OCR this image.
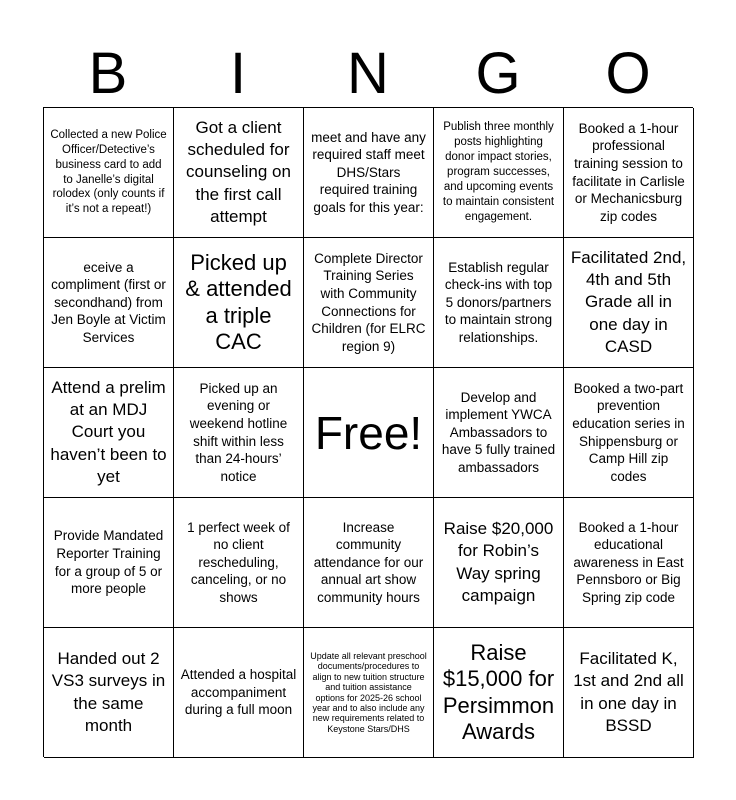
B	I	N	G	O
Collected a new Police Officer/Detective’s business card to add to Janelle’s digital rolodex (only counts if it’s not a repeat!)
Got a client scheduled for counseling on the first call attempt
meet and have any required staff meet DHS/Stars required training goals for this year:
Publish three monthly posts highlighting donor impact stories, program successes, and upcoming events to maintain consistent engagement.
Booked a 1-hour professional training session to facilitate in Carlisle or Mechanicsburg zip codes
eceive a compliment (first or secondhand) from Jen Boyle at Victim Services
Picked up & attended a triple CAC
Complete Director Training Series with Community Connections for Children (for ELRC region 9)
Establish regular check-ins with top 5 donors/partners to maintain strong relationships.
Facilitated 2nd, 4th and 5th Grade all in one day in CASD
Attend a prelim at an MDJ Court you haven’t been to yet
Picked up an evening or weekend hotline shift within less than 24-hours’ notice
Free!
Develop and implement YWCA Ambassadors to have 5 fully trained ambassadors
Booked a two-part prevention education series in Shippensburg or Camp Hill zip codes
Provide Mandated Reporter Training for a group of 5 or more people
1 perfect week of no client rescheduling, canceling, or no shows
Increase community attendance for our annual art show community hours
Raise $20,000 for Robin’s Way spring campaign
Booked a 1-hour educational awareness in East Pennsboro or Big Spring zip code
Handed out 2 VS3 surveys in the same month
Attended a hospital accompaniment during a full moon
Update all relevant preschool documents/procedures to align to new tuition structure and tuition assistance options for 2025-26 school year and to also include any new requirements related to Keystone Stars/DHS
Raise $15,000 for Persimmon Awards
Facilitated K, 1st and 2nd all in one day in BSSD
